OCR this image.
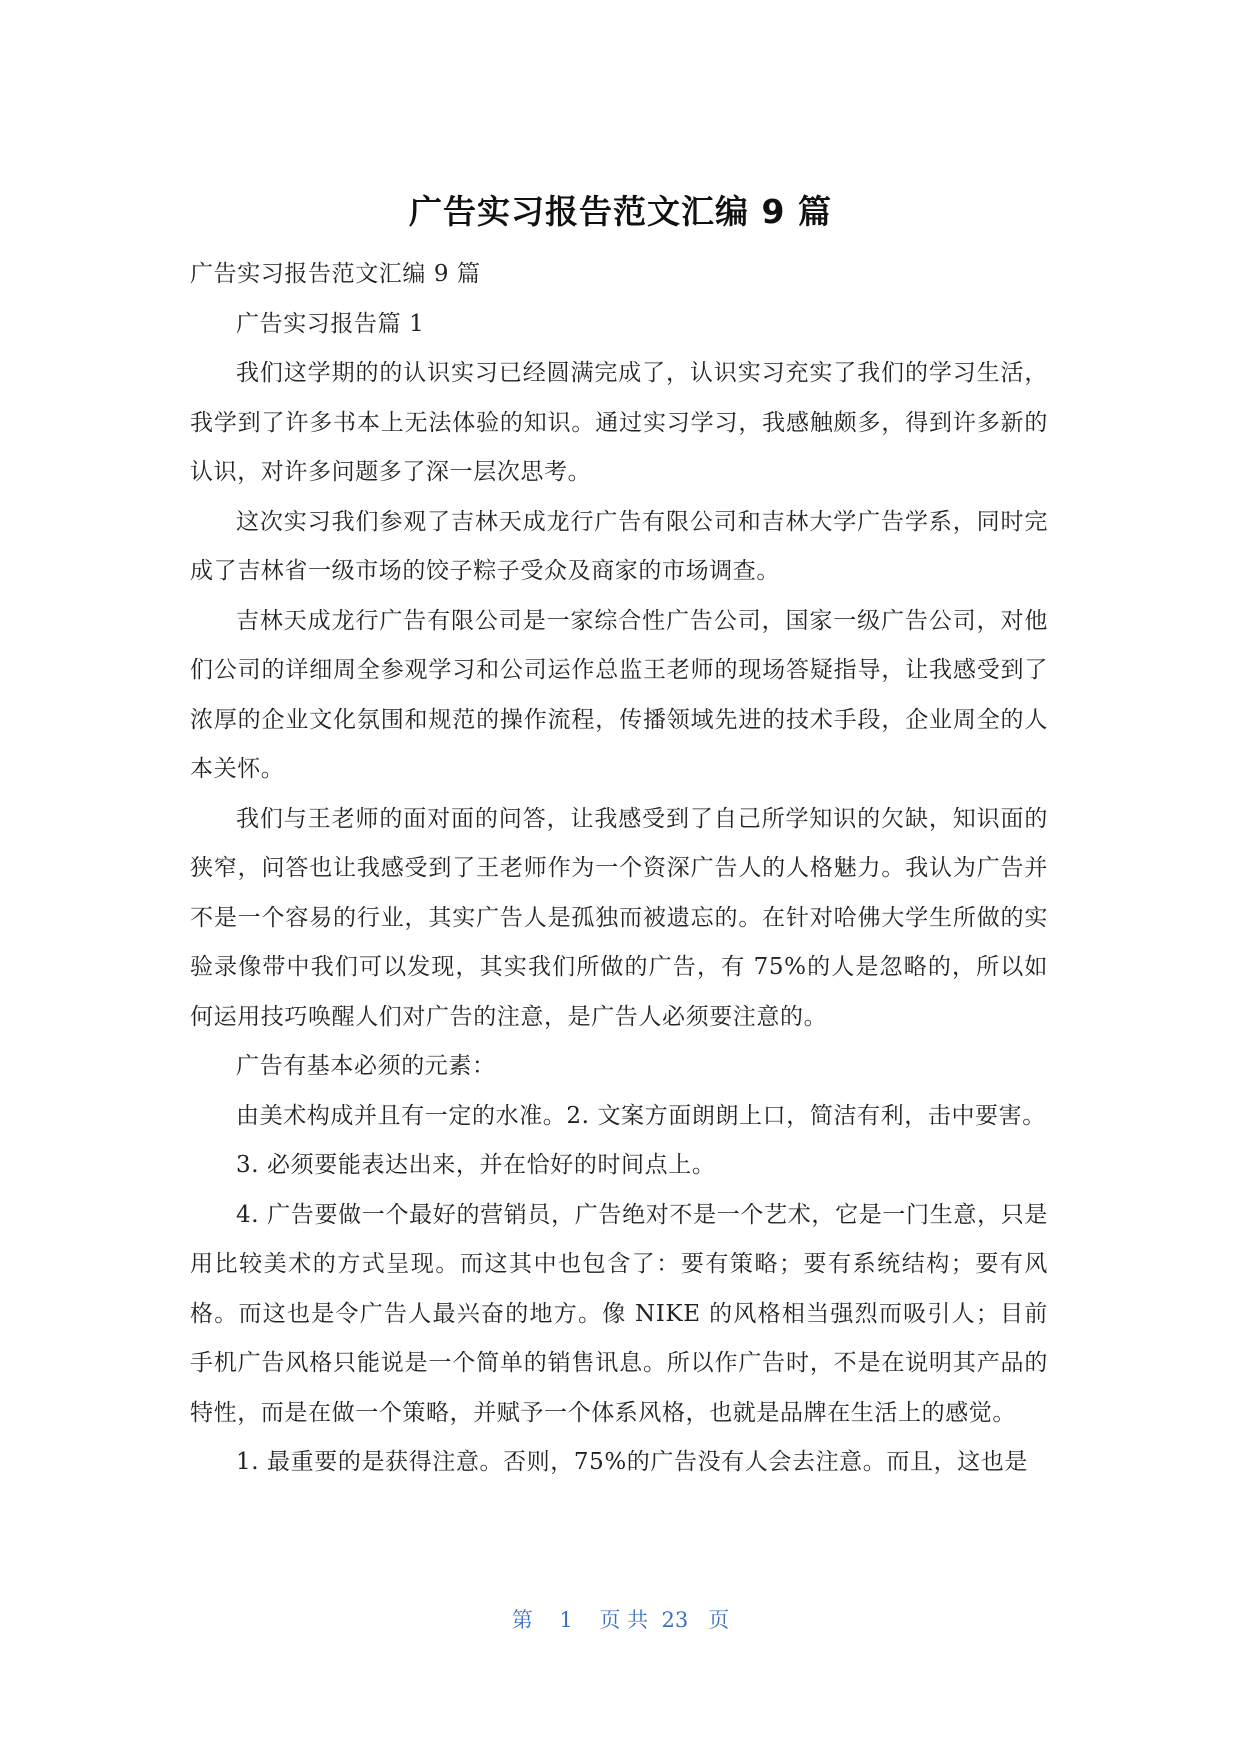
广告实习报告范文汇编 9 篇

广告实习报告范文汇编 9 篇

广告实习报告篇 1

我们这学期的的认识实习已经圆满完成了，认识实习充实了我们的学习生活，我学到了许多书本上无法体验的知识。通过实习学习，我感触颇多，得到许多新的认识，对许多问题多了深一层次思考。

这次实习我们参观了吉林天成龙行广告有限公司和吉林大学广告学系，同时完成了吉林省一级市场的饺子粽子受众及商家的市场调查。

吉林天成龙行广告有限公司是一家综合性广告公司，国家一级广告公司，对他们公司的详细周全参观学习和公司运作总监王老师的现场答疑指导，让我感受到了浓厚的企业文化氛围和规范的操作流程，传播领域先进的技术手段，企业周全的人本关怀。

我们与王老师的面对面的问答，让我感受到了自己所学知识的欠缺，知识面的狭窄，问答也让我感受到了王老师作为一个资深广告人的人格魅力。我认为广告并不是一个容易的行业，其实广告人是孤独而被遗忘的。在针对哈佛大学生所做的实验录像带中我们可以发现，其实我们所做的广告，有 75%的人是忽略的，所以如何运用技巧唤醒人们对广告的注意，是广告人必须要注意的。

广告有基本必须的元素：

由美术构成并且有一定的水准。2. 文案方面朗朗上口，简洁有利，击中要害。

3. 必须要能表达出来，并在恰好的时间点上。

4. 广告要做一个最好的营销员，广告绝对不是一个艺术，它是一门生意，只是用比较美术的方式呈现。而这其中也包含了：要有策略；要有系统结构；要有风格。而这也是令广告人最兴奋的地方。像 NIKE 的风格相当强烈而吸引人；目前手机广告风格只能说是一个简单的销售讯息。所以作广告时，不是在说明其产品的特性，而是在做一个策略，并赋予一个体系风格，也就是品牌在生活上的感觉。

1. 最重要的是获得注意。否则，75%的广告没有人会去注意。而且，这也是

第 1 页 共 23 页
